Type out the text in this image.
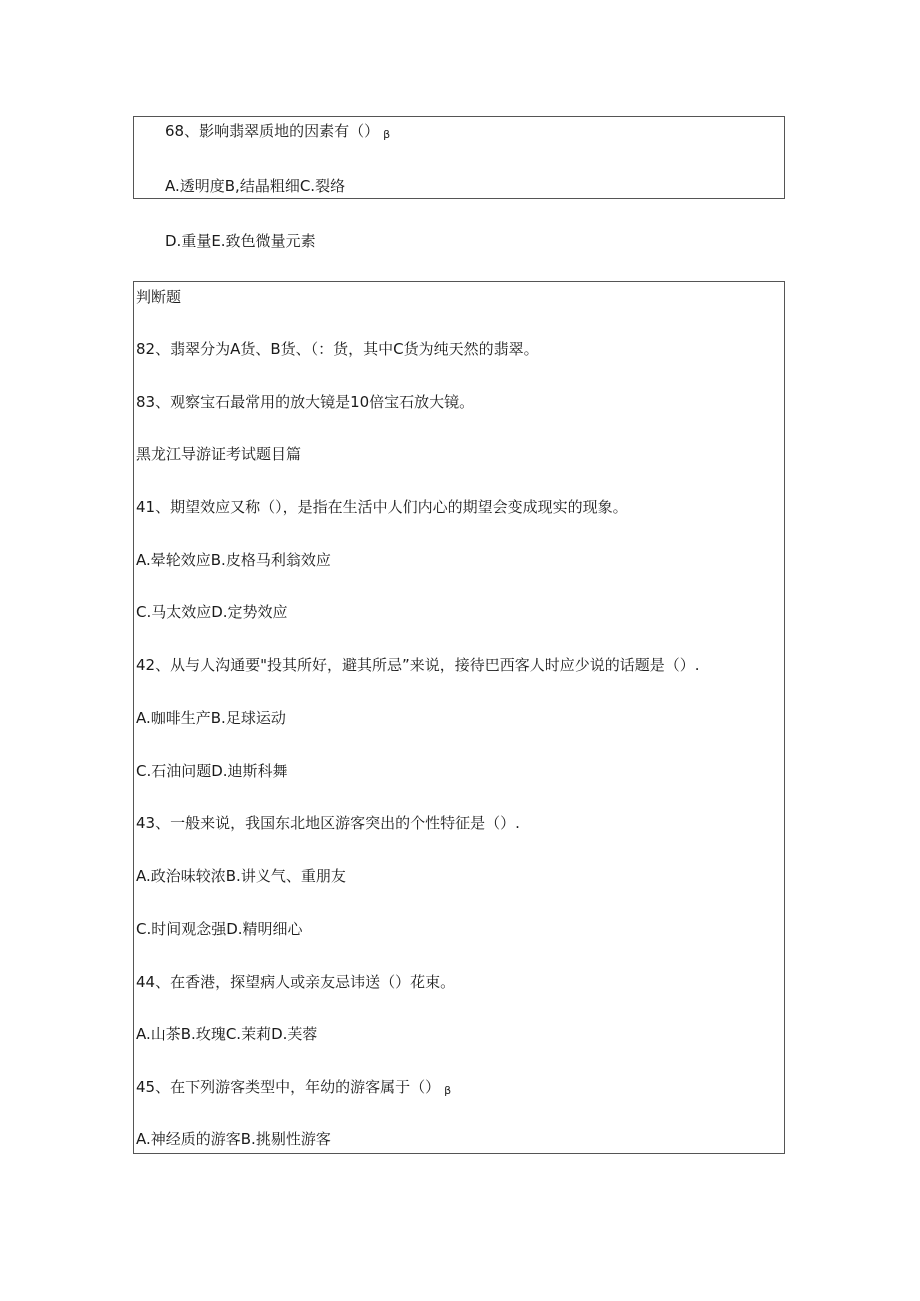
68、影响翡翠质地的因素有（） β
A.透明度B,结晶粗细C.裂络
D.重量E.致色微量元素
判断题
82、翡翠分为A货、B货、（：货，其中C货为纯天然的翡翠。
83、观察宝石最常用的放大镜是10倍宝石放大镜。
黑龙江导游证考试题目篇
41、期望效应又称（），是指在生活中人们内心的期望会变成现实的现象。
A.晕轮效应B.皮格马利翁效应
C.马太效应D.定势效应
42、从与人沟通要"投其所好，避其所忌”来说，接待巴西客人时应少说的话题是（）.
A.咖啡生产B.足球运动
C.石油问题D.迪斯科舞
43、一般来说，我国东北地区游客突出的个性特征是（）.
A.政治味较浓B.讲义气、重朋友
C.时间观念强D.精明细心
44、在香港，探望病人或亲友忌讳送（）花束。
A.山茶B.玫瑰C.茉莉D.芙蓉
45、在下列游客类型中，年幼的游客属于（） β
A.神经质的游客B.挑剔性游客
